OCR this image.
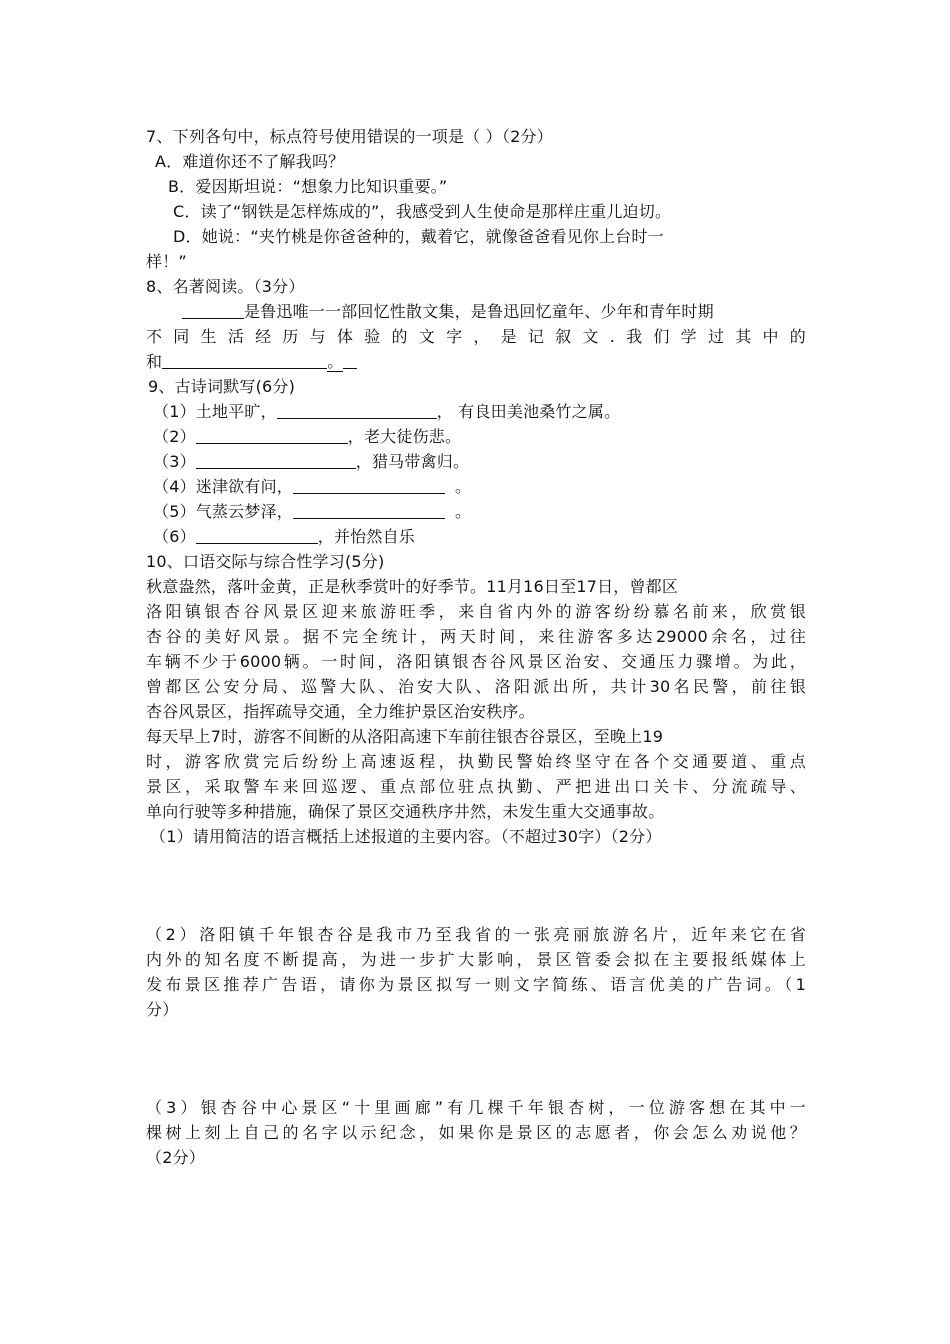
7、下列各句中，标点符号使用错误的一项是（ ）（2分）
A．难道你还不了解我吗？
B．爱因斯坦说：“想象力比知识重要。”
C．读了“钢铁是怎样炼成的”，我感受到人生使命是那样庄重儿迫切。
D．她说：“夹竹桃是你爸爸种的，戴着它，就像爸爸看见你上台时一
样！”
8、名著阅读。（3分）
是鲁迅唯一一部回忆性散文集，是鲁迅回忆童年、少年和青年时期
不同生活经历与体验的文字，是记叙文.我们学过其中的
和	。
9、古诗词默写(6分)
（1）土地平旷，	， 有良田美池桑竹之属。
（2）	，老大徒伤悲。
（3）	，猎马带禽归。
（4）迷津欲有问，	。
（5）气蒸云梦泽，	。
（6）	，并怡然自乐
10、口语交际与综合性学习(5分)
秋意盎然，落叶金黄，正是秋季赏叶的好季节。11月16日至17日，曾都区
洛阳镇银杏谷风景区迎来旅游旺季，来自省内外的游客纷纷慕名前来，欣赏银
杏谷的美好风景。据不完全统计，两天时间，来往游客多达29000余名，过往
车辆不少于6000辆。一时间，洛阳镇银杏谷风景区治安、交通压力骤增。为此，
曾都区公安分局、巡警大队、治安大队、洛阳派出所，共计30名民警，前往银
杏谷风景区，指挥疏导交通，全力维护景区治安秩序。
每天早上7时，游客不间断的从洛阳高速下车前往银杏谷景区，至晚上19
时，游客欣赏完后纷纷上高速返程，执勤民警始终坚守在各个交通要道、重点
景区，采取警车来回巡逻、重点部位驻点执勤、严把进出口关卡、分流疏导、
单向行驶等多种措施，确保了景区交通秩序井然，未发生重大交通事故。
（1）请用简洁的语言概括上述报道的主要内容。（不超过30字）（2分）
（2）洛阳镇千年银杏谷是我市乃至我省的一张亮丽旅游名片，近年来它在省
内外的知名度不断提高，为进一步扩大影响，景区管委会拟在主要报纸媒体上
发布景区推荐广告语，请你为景区拟写一则文字简练、语言优美的广告词。（1
分）
（3）银杏谷中心景区“十里画廊”有几棵千年银杏树，一位游客想在其中一
棵树上刻上自己的名字以示纪念，如果你是景区的志愿者，你会怎么劝说他？
（2分）
